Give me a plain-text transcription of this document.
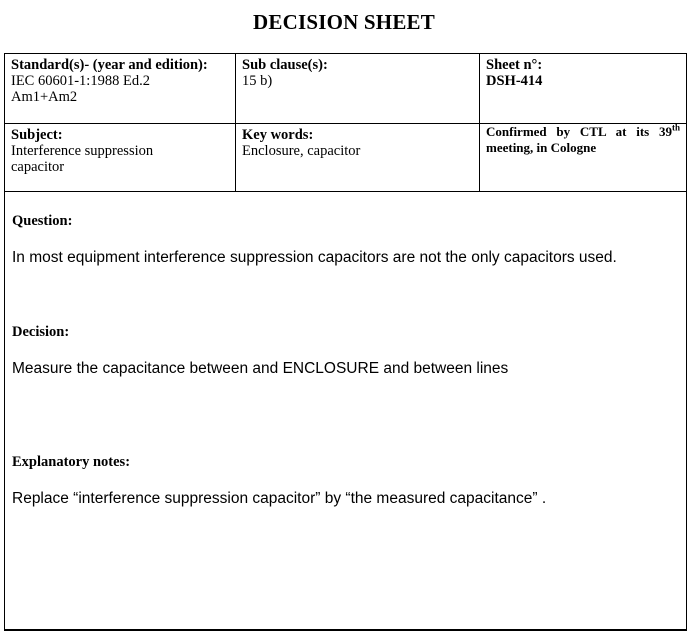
DECISION SHEET
Standard(s)- (year and edition):
IEC 60601-1:1988 Ed.2
Am1+Am2
Sub clause(s):
15 b)
Sheet n°:
DSH-414
Subject:
Interference suppression
capacitor
Key words:
Enclosure, capacitor
Confirmed by CTL at its 39th meeting, in Cologne
Question:
In most equipment interference suppression capacitors are not the only capacitors used.
Decision:
Measure the capacitance between and ENCLOSURE and between lines
Explanatory notes:
Replace “interference suppression capacitor” by “the measured capacitance” .
